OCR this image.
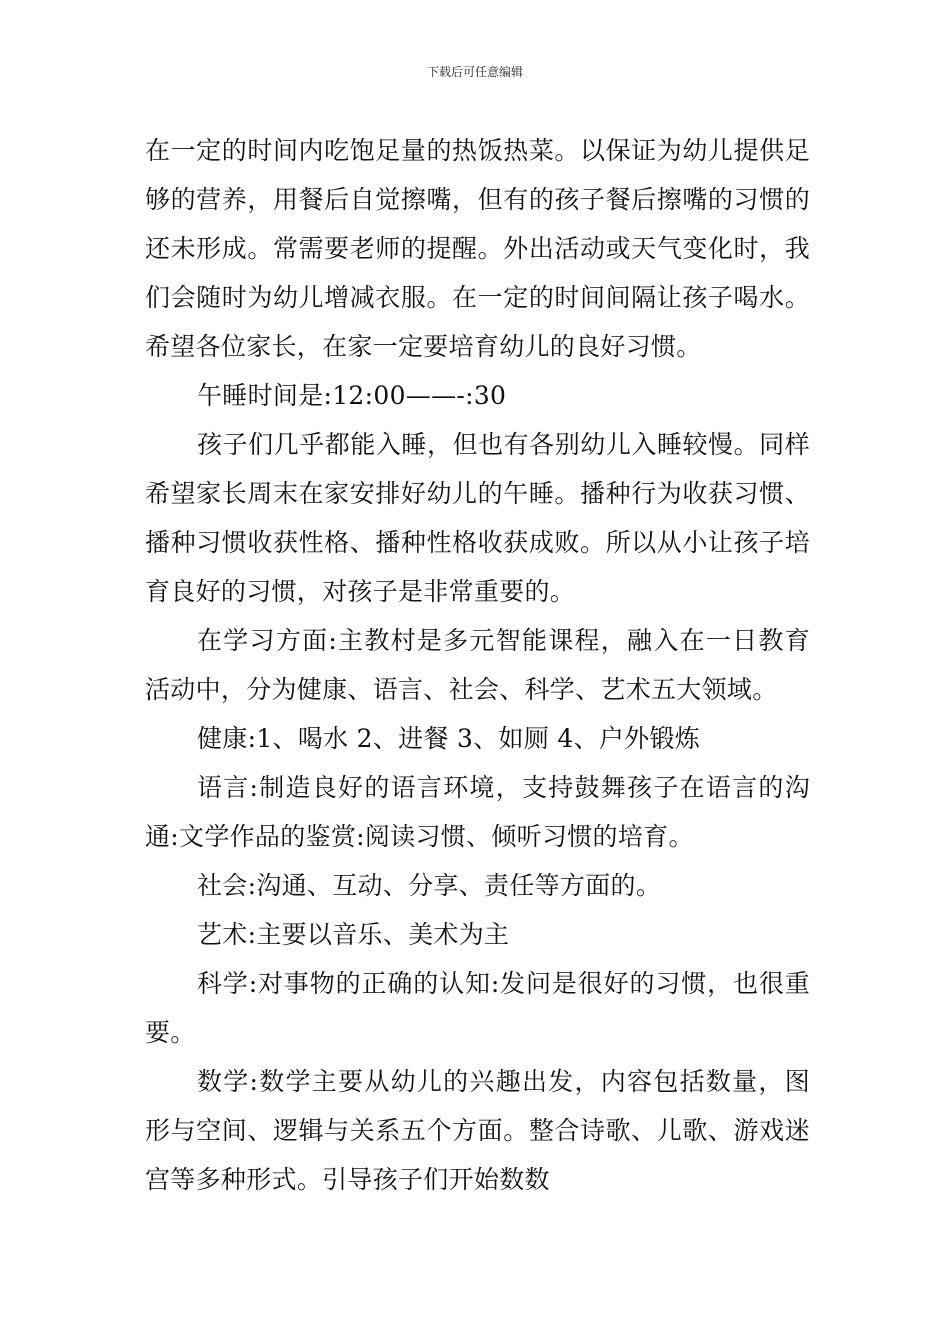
下载后可任意编辑

在一定的时间内吃饱足量的热饭热菜。以保证为幼儿提供足够的营养，用餐后自觉擦嘴，但有的孩子餐后擦嘴的习惯的还未形成。常需要老师的提醒。外出活动或天气变化时，我们会随时为幼儿增减衣服。在一定的时间间隔让孩子喝水。希望各位家长，在家一定要培育幼儿的良好习惯。

午睡时间是:12:00——-:30

孩子们几乎都能入睡，但也有各别幼儿入睡较慢。同样希望家长周末在家安排好幼儿的午睡。播种行为收获习惯、播种习惯收获性格、播种性格收获成败。所以从小让孩子培育良好的习惯，对孩子是非常重要的。

在学习方面:主教村是多元智能课程，融入在一日教育活动中，分为健康、语言、社会、科学、艺术五大领域。

健康:1、喝水 2、进餐 3、如厕 4、户外锻炼

语言:制造良好的语言环境，支持鼓舞孩子在语言的沟通:文学作品的鉴赏:阅读习惯、倾听习惯的培育。

社会:沟通、互动、分享、责任等方面的。

艺术:主要以音乐、美术为主

科学:对事物的正确的认知:发问是很好的习惯，也很重要。

数学:数学主要从幼儿的兴趣出发，内容包括数量，图形与空间、逻辑与关系五个方面。整合诗歌、儿歌、游戏迷宫等多种形式。引导孩子们开始数数
